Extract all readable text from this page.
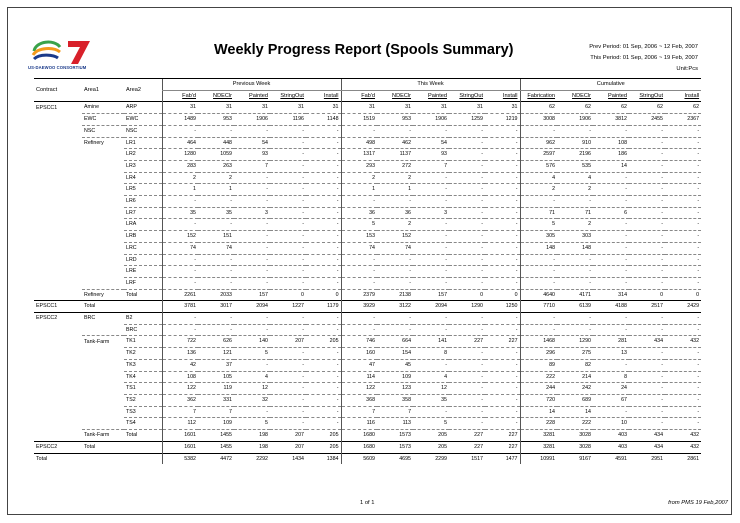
US-DAEWOO CONSORTIUM
Weekly Progress Report (Spools Summary)	Prev Period: 01 Sep, 2006 ~ 12 Feb, 2007
This Period: 01 Sep, 2006 ~ 19 Feb, 2007
Unit:Pcs
Contract	Area1	Area2	Previous Week					This Week					Cumulative				
			Fab'd	NDEClr	Painted	StringOut	Install	Fab'd	NDEClr	Painted	StringOut	Install	Fabrication	NDEClr	Painted	StringOut	Install
EPSCC1	Amine	ARP	31	31	31	31	31	31	31	31	31	31	62	62	62	62	62
	EWC	EWC	1489	953	1906	1196	1148	1519	953	1906	1259	1219	3008	1906	3812	2455	2367
	NSC	NSC	-	-	-	-	-	-	-	-	-	-	-	-	-	-	-
	Refinery	LR1	464	448	54	-	-	498	462	54	-	-	962	910	108	-	-
		LR2	1280	1059	93	-	-	1317	1137	93	-	-	2597	2196	186	-	-
		LR3	283	263	7	-	-	293	272	7	-	-	576	535	14	-	-
		LR4	2	2	-	-	-	2	2	-	-	-	4	4	-	-	-
		LR5	1	1	-	-	-	1	1	-	-	-	2	2	-	-	-
		LR6	-	-	-	-	-	-	-	-	-	-	-	-	-	-	-
		LR7	35	35	3	-	-	36	36	3	-	-	71	71	6	-	-
		LRA	-	-	-	-	-	5	2	-	-	-	5	2	-	-	-
		LRB	152	151	-	-	-	153	152	-	-	-	305	303	-	-	-
		LRC	74	74	-	-	-	74	74	-	-	-	148	148	-	-	-
		LRD	-	-	-	-	-	-	-	-	-	-	-	-	-	-	-
		LRE	-	-	-	-	-	-	-	-	-	-	-	-	-	-	-
		LRF	-	-	-	-	-	-	-	-	-	-	-	-	-	-	-
	Refinery	Total	2261	2033	157	0	0	2379	2138	157	0	0	4640	4171	314	0	0
EPSCC1	Total		3781	3017	2094	1227	1179	3929	3122	2094	1290	1250	7710	6139	4188	2517	2429
EPSCC2	BRC	B2	-	-	-	-	-	-	-	-	-	-	-	-	-	-	-
		BRC	-	-	-	-	-	-	-	-	-	-	-	-	-	-	-
	Tank-Farm	TK1	722	626	140	207	205	746	664	141	227	227	1468	1290	281	434	432
		TK2	136	121	5	-	-	160	154	8	-	-	296	275	13	-	-
		TK3	42	37	-	-	-	47	45	-	-	-	89	82	-	-	-
		TK4	108	105	4	-	-	114	109	4	-	-	222	214	8	-	-
		TS1	122	119	12	-	-	122	123	12	-	-	244	242	24	-	-
		TS2	362	331	32	-	-	368	358	35	-	-	720	689	67	-	-
		TS3	7	7	-	-	-	7	7	-	-	-	14	14	-	-	-
		TS4	112	109	5	-	-	116	113	5	-	-	228	222	10	-	-
	Tank-Farm	Total	1601	1455	198	207	205	1680	1573	205	227	227	3281	3028	403	434	432
EPSCC2	Total		1601	1455	198	207	205	1680	1573	205	227	227	3281	3028	403	434	432
Total			5382	4472	2292	1434	1384	5609	4695	2299	1517	1477	10991	9167	4591	2951	2861
1 of 1	from PMS 19 Feb,2007
